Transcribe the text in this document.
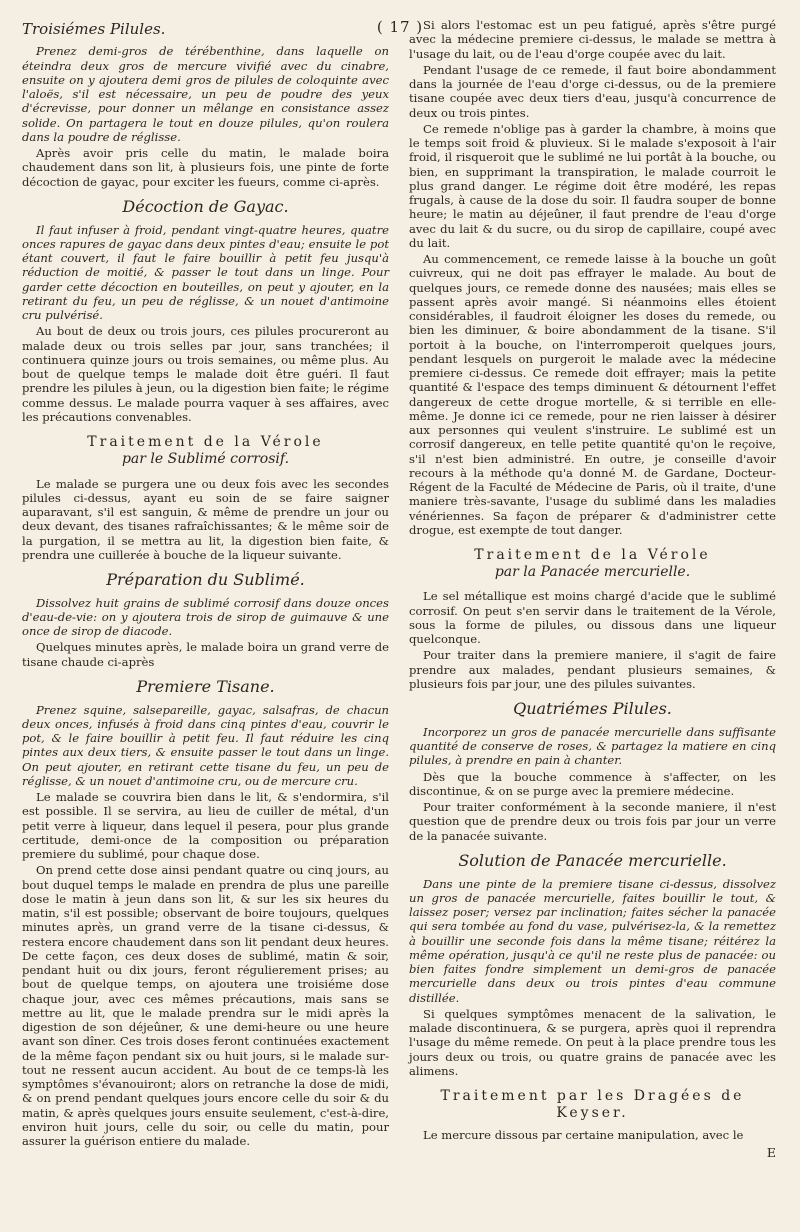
( 17 )
Troisiémes Pilules.

Prenez demi-gros de térébenthine, dans laquelle on éteindra deux gros de mercure vivifié avec du cinabre, ensuite on y ajoutera demi gros de pilules de coloquinte avec l'aloës, s'il est nécessaire, un peu de poudre des yeux d'écrevisse, pour donner un mêlange en consistance assez solide. On partagera le tout en douze pilules, qu'on roulera dans la poudre de réglisse.

Après avoir pris celle du matin, le malade boira chaudement dans son lit, à plusieurs fois, une pinte de forte décoction de gayac, pour exciter les fueurs, comme ci-après.

Décoction de Gayac.

Il faut infuser à froid, pendant vingt-quatre heures, quatre onces rapures de gayac dans deux pintes d'eau; ensuite le pot étant couvert, il faut le faire bouillir à petit feu jusqu'à réduction de moitié, & passer le tout dans un linge. Pour garder cette décoction en bouteilles, on peut y ajouter, en la retirant du feu, un peu de réglisse, & un nouet d'antimoine cru pulvérisé.

Au bout de deux ou trois jours, ces pilules procureront au malade deux ou trois selles par jour, sans tranchées; il continuera quinze jours ou trois semaines, ou même plus. Au bout de quelque temps le malade doit être guéri. Il faut prendre les pilules à jeun, ou la digestion bien faite; le régime comme dessus. Le malade pourra vaquer à ses affaires, avec les précautions convenables.

Traitement de la Vérole
par le Sublimé corrosif.

Le malade se purgera une ou deux fois avec les secondes pilules ci-dessus, ayant eu soin de se faire saigner auparavant, s'il est sanguin, & même de prendre un jour ou deux devant, des tisanes rafraîchissantes; & le même soir de la purgation, il se mettra au lit, la digestion bien faite, & prendra une cuillerée à bouche de la liqueur suivante.

Préparation du Sublimé.

Dissolvez huit grains de sublimé corrosif dans douze onces d'eau-de-vie: on y ajoutera trois de sirop de guimauve & une once de sirop de diacode.

Quelques minutes après, le malade boira un grand verre de tisane chaude ci-après

Premiere Tisane.

Prenez squine, salsepareille, gayac, salsafras, de chacun deux onces, infusés à froid dans cinq pintes d'eau, couvrir le pot, & le faire bouillir à petit feu. Il faut réduire les cinq pintes aux deux tiers, & ensuite passer le tout dans un linge. On peut ajouter, en retirant cette tisane du feu, un peu de réglisse, & un nouet d'antimoine cru, ou de mercure cru.

Le malade se couvrira bien dans le lit, & s'endormira, s'il est possible. Il se servira, au lieu de cuiller de métal, d'un petit verre à liqueur, dans lequel il pesera, pour plus grande certitude, demi-once de la composition ou préparation premiere du sublimé, pour chaque dose.

On prend cette dose ainsi pendant quatre ou cinq jours, au bout duquel temps le malade en prendra de plus une pareille dose le matin à jeun dans son lit, & sur les six heures du matin, s'il est possible; observant de boire toujours, quelques minutes après, un grand verre de la tisane ci-dessus, & restera encore chaudement dans son lit pendant deux heures. De cette façon, ces deux doses de sublimé, matin & soir, pendant huit ou dix jours, feront régulierement prises; au bout de quelque temps, on ajoutera une troisiéme dose chaque jour, avec ces mêmes précautions, mais sans se mettre au lit, que le malade prendra sur le midi après la digestion de son déjeûner, & une demi-heure ou une heure avant son dîner. Ces trois doses feront continuées exactement de la même façon pendant six ou huit jours, si le malade sur-tout ne ressent aucun accident. Au bout de ce temps-là les symptômes s'évanouiront; alors on retranche la dose de midi, & on prend pendant quelques jours encore celle du soir & du matin, & après quelques jours ensuite seulement, c'est-à-dire, environ huit jours, celle du soir, ou celle du matin, pour assurer la guérison entiere du malade.

Si alors l'estomac est un peu fatigué, après s'être purgé avec la médecine premiere ci-dessus, le malade se mettra à l'usage du lait, ou de l'eau d'orge coupée avec du lait.

Pendant l'usage de ce remede, il faut boire abondamment dans la journée de l'eau d'orge ci-dessus, ou de la premiere tisane coupée avec deux tiers d'eau, jusqu'à concurrence de deux ou trois pintes.

Ce remede n'oblige pas à garder la chambre, à moins que le temps soit froid & pluvieux. Si le malade s'exposoit à l'air froid, il risqueroit que le sublimé ne lui portât à la bouche, ou bien, en supprimant la transpiration, le malade courroit le plus grand danger. Le régime doit être modéré, les repas frugals, à cause de la dose du soir. Il faudra souper de bonne heure; le matin au déjeûner, il faut prendre de l'eau d'orge avec du lait & du sucre, ou du sirop de capillaire, coupé avec du lait.

Au commencement, ce remede laisse à la bouche un goût cuivreux, qui ne doit pas effrayer le malade. Au bout de quelques jours, ce remede donne des nausées; mais elles se passent après avoir mangé. Si néanmoins elles étoient considérables, il faudroit éloigner les doses du remede, ou bien les diminuer, & boire abondamment de la tisane. S'il portoit à la bouche, on l'interromperoit quelques jours, pendant lesquels on purgeroit le malade avec la médecine premiere ci-dessus. Ce remede doit effrayer; mais la petite quantité & l'espace des temps diminuent & détournent l'effet dangereux de cette drogue mortelle, & si terrible en elle-même. Je donne ici ce remede, pour ne rien laisser à désirer aux personnes qui veulent s'instruire. Le sublimé est un corrosif dangereux, en telle petite quantité qu'on le reçoive, s'il n'est bien administré. En outre, je conseille d'avoir recours à la méthode qu'a donné M. de Gardane, Docteur-Régent de la Faculté de Médecine de Paris, où il traite, d'une maniere très-savante, l'usage du sublimé dans les maladies vénériennes. Sa façon de préparer & d'administrer cette drogue, est exempte de tout danger.

Traitement de la Vérole
par la Panacée mercurielle.

Le sel métallique est moins chargé d'acide que le sublimé corrosif. On peut s'en servir dans le traitement de la Vérole, sous la forme de pilules, ou dissous dans une liqueur quelconque.

Pour traiter dans la premiere maniere, il s'agit de faire prendre aux malades, pendant plusieurs semaines, & plusieurs fois par jour, une des pilules suivantes.

Quatriémes Pilules.

Incorporez un gros de panacée mercurielle dans suffisante quantité de conserve de roses, & partagez la matiere en cinq pilules, à prendre en pain à chanter.

Dès que la bouche commence à s'affecter, on les discontinue, & on se purge avec la premiere médecine.

Pour traiter conformément à la seconde maniere, il n'est question que de prendre deux ou trois fois par jour un verre de la panacée suivante.

Solution de Panacée mercurielle.

Dans une pinte de la premiere tisane ci-dessus, dissolvez un gros de panacée mercurielle, faites bouillir le tout, & laissez poser; versez par inclination; faites sécher la panacée qui sera tombée au fond du vase, pulvérisez-la, & la remettez à bouillir une seconde fois dans la même tisane; réitérez la même opération, jusqu'à ce qu'il ne reste plus de panacée: ou bien faites fondre simplement un demi-gros de panacée mercurielle dans deux ou trois pintes d'eau commune distillée.

Si quelques symptômes menacent de la salivation, le malade discontinuera, & se purgera, après quoi il reprendra l'usage du même remede. On peut à la place prendre tous les jours deux ou trois, ou quatre grains de panacée avec les alimens.

Traitement par les Dragées de Keyser.

Le mercure dissous par certaine manipulation, avec le

E
